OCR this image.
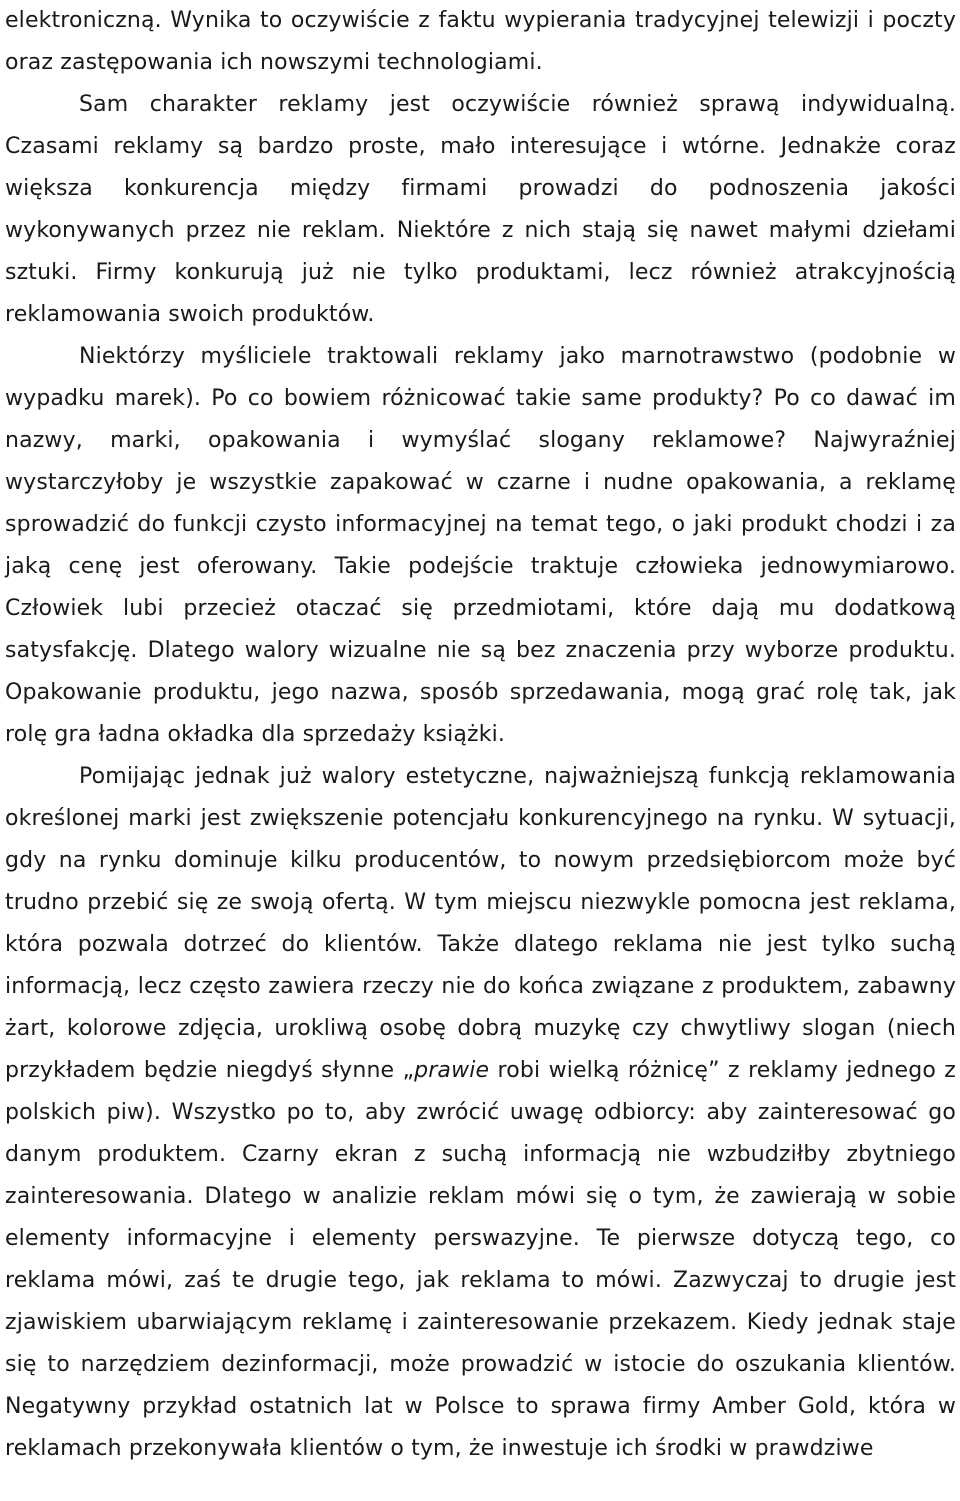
elektroniczną. Wynika to oczywiście z faktu wypierania tradycyjnej telewizji i poczty oraz zastępowania ich nowszymi technologiami.

Sam charakter reklamy jest oczywiście również sprawą indywidualną. Czasami reklamy są bardzo proste, mało interesujące i wtórne. Jednakże coraz większa konkurencja między firmami prowadzi do podnoszenia jakości wykonywanych przez nie reklam. Niektóre z nich stają się nawet małymi dziełami sztuki. Firmy konkurują już nie tylko produktami, lecz również atrakcyjnością reklamowania swoich produktów.

Niektórzy myśliciele traktowali reklamy jako marnotrawstwo (podobnie w wypadku marek). Po co bowiem różnicować takie same produkty? Po co dawać im nazwy, marki, opakowania i wymyślać slogany reklamowe? Najwyraźniej wystarczyłoby je wszystkie zapakować w czarne i nudne opakowania, a reklamę sprowadzić do funkcji czysto informacyjnej na temat tego, o jaki produkt chodzi i za jaką cenę jest oferowany. Takie podejście traktuje człowieka jednowymiarowo. Człowiek lubi przecież otaczać się przedmiotami, które dają mu dodatkową satysfakcję. Dlatego walory wizualne nie są bez znaczenia przy wyborze produktu. Opakowanie produktu, jego nazwa, sposób sprzedawania, mogą grać rolę tak, jak rolę gra ładna okładka dla sprzedaży książki.

Pomijając jednak już walory estetyczne, najważniejszą funkcją reklamowania określonej marki jest zwiększenie potencjału konkurencyjnego na rynku. W sytuacji, gdy na rynku dominuje kilku producentów, to nowym przedsiębiorcom może być trudno przebić się ze swoją ofertą. W tym miejscu niezwykle pomocna jest reklama, która pozwala dotrzeć do klientów. Także dlatego reklama nie jest tylko suchą informacją, lecz często zawiera rzeczy nie do końca związane z produktem, zabawny żart, kolorowe zdjęcia, urokliwą osobę dobrą muzykę czy chwytliwy slogan (niech przykładem będzie niegdyś słynne „prawie robi wielką różnicę” z reklamy jednego z polskich piw). Wszystko po to, aby zwrócić uwagę odbiorcy: aby zainteresować go danym produktem. Czarny ekran z suchą informacją nie wzbudziłby zbytniego zainteresowania. Dlatego w analizie reklam mówi się o tym, że zawierają w sobie elementy informacyjne i elementy perswazyjne. Te pierwsze dotyczą tego, co reklama mówi, zaś te drugie tego, jak reklama to mówi. Zazwyczaj to drugie jest zjawiskiem ubarwiającym reklamę i zainteresowanie przekazem. Kiedy jednak staje się to narzędziem dezinformacji, może prowadzić w istocie do oszukania klientów. Negatywny przykład ostatnich lat w Polsce to sprawa firmy Amber Gold, która w reklamach przekonywała klientów o tym, że inwestuje ich środki w prawdziwe
